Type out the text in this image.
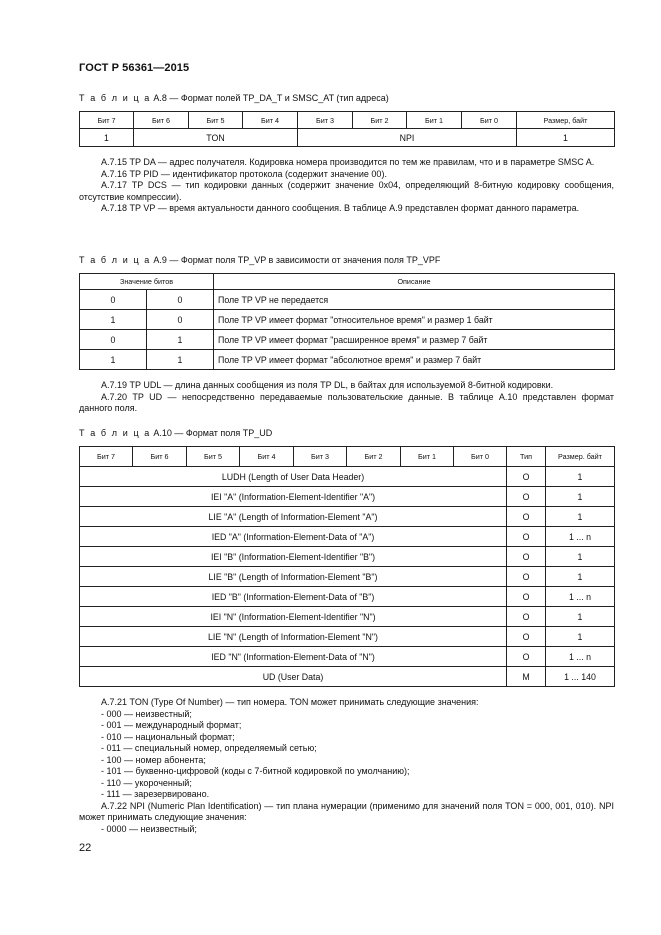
ГОСТ Р 56361—2015
Т а б л и ц а А.8 — Формат полей TP_DA_T и SMSC_AT (тип адреса)
Бит 7	Бит 6	Бит 5	Бит 4	Бит 3	Бит 2	Бит 1	Бит 0	Размер, байт
1	TON			NPI				1

А.7.15 TP DA — адрес получателя. Кодировка номера производится по тем же правилам, что и в параметре SMSC A.

А.7.16 TP PID — идентификатор протокола (содержит значение 00).

А.7.17 TP DCS — тип кодировки данных (содержит значение 0х04, определяющий 8-битную кодировку сообщения, отсутствие компрессии).

А.7.18 TP VP — время актуальности данного сообщения. В таблице А.9 представлен формат данного параметра.

Т а б л и ц а А.9 — Формат поля TP_VP в зависимости от значения поля TP_VPF
Значение битов		Описание
0	0	Поле TP VP не передается
1	0	Поле TP VP имеет формат "относительное время" и размер 1 байт
0	1	Поле TP VP имеет формат "расширенное время" и размер 7 байт
1	1	Поле TP VP имеет формат "абсолютное время" и размер 7 байт

А.7.19 TP UDL — длина данных сообщения из поля TP DL, в байтах для используемой 8-битной кодировки.

А.7.20 TP UD — непосредственно передаваемые пользовательские данные. В таблице А.10 представлен формат данного поля.

Т а б л и ц а А.10 — Формат поля TP_UD
Бит 7	Бит 6	Бит 5	Бит 4	Бит 3	Бит 2	Бит 1	Бит 0	Тип	Размер. байт
LUDH (Length of User Data Header)								O	1
IEI "A" (Information-Element-Identifier "A")								O	1
LIE "A" (Length of Information-Element "A")								O	1
IED "A" (Information-Element-Data of "A")								O	1 ... n
IEI "B" (Information-Element-Identifier "B")								O	1
LIE "B" (Length of Information-Element "B")								O	1
IED "B" (Information-Element-Data of "B")								O	1 ... n
IEI "N" (Information-Element-Identifier "N")								O	1
LIE "N" (Length of Information-Element "N")								O	1
IED "N" (Information-Element-Data of "N")								O	1 ... n
UD (User Data)								M	1 ... 140

А.7.21 TON (Type Of Number) — тип номера. TON может принимать следующие значения:

- 000 — неизвестный;

- 001 — международный формат;

- 010 — национальный формат;

- 011 — специальный номер, определяемый сетью;

- 100 — номер абонента;

- 101 — буквенно-цифровой (коды с 7-битной кодировкой по умолчанию);

- 110 — укороченный;

- 111 — зарезервировано.

А.7.22 NPI (Numeric Plan Identification) — тип плана нумерации (применимо для значений поля TON = 000, 001, 010). NPI может принимать следующие значения:

- 0000 — неизвестный;

22
